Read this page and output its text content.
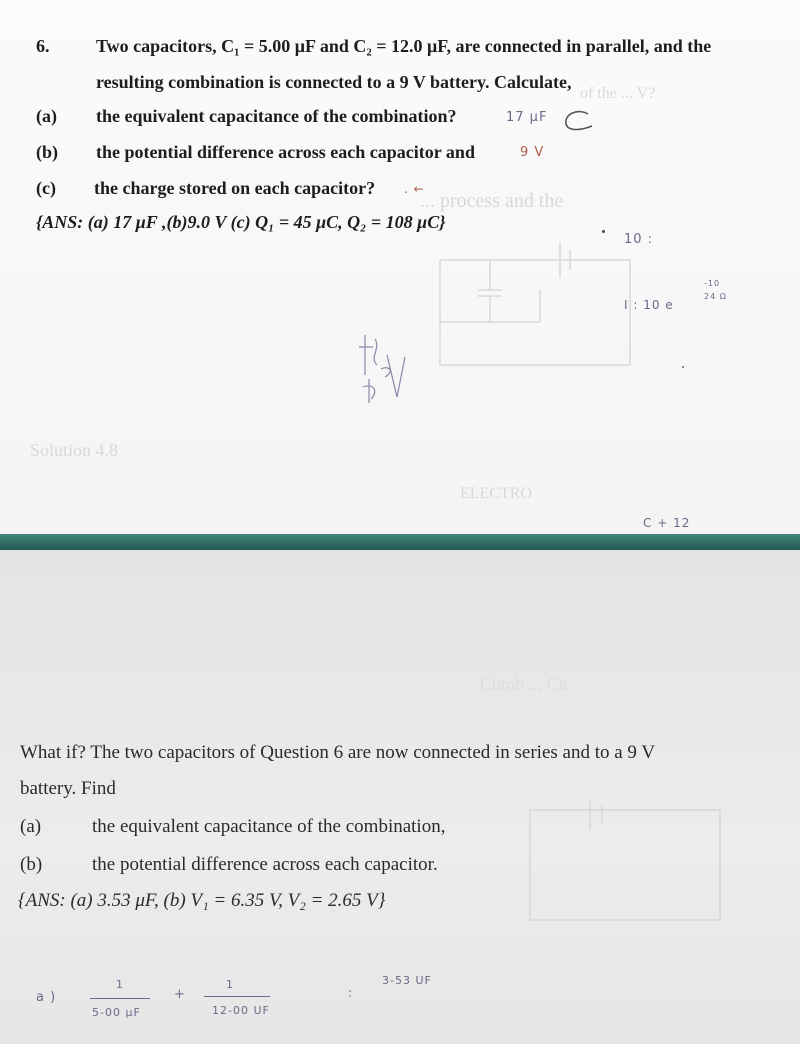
of the ... V?
... process and the
Solution 4.8
ELECTRO
6.	Two capacitors, C₁ = 5.00 μF and C₂ = 12.0 μF, are connected in parallel, and the
resulting combination is connected to a 9 V battery. Calculate,
(a) the equivalent capacitance of the combination?	17 μF
(b) the potential difference across each capacitor and	9 V
(c) the charge stored on each capacitor? . ←
{ANS: (a) 17 μF ,(b)9.0 V (c) Q₁ = 45 μC, Q₂ = 108 μC}
10 :
I : 10 e
-10
24 Ω
C + 12
Cumb ... Cu
What if? The two capacitors of Question 6 are now connected in series and to a 9 V
battery. Find
(a)	the equivalent capacitance of the combination,
(b)	the potential difference across each capacitor.
{ANS: (a) 3.53 μF, (b) V₁ = 6.35 V, V₂ = 2.65 V}
a )
1
5-00 μF
+
1
12-00 UF
:
3-53 UF
